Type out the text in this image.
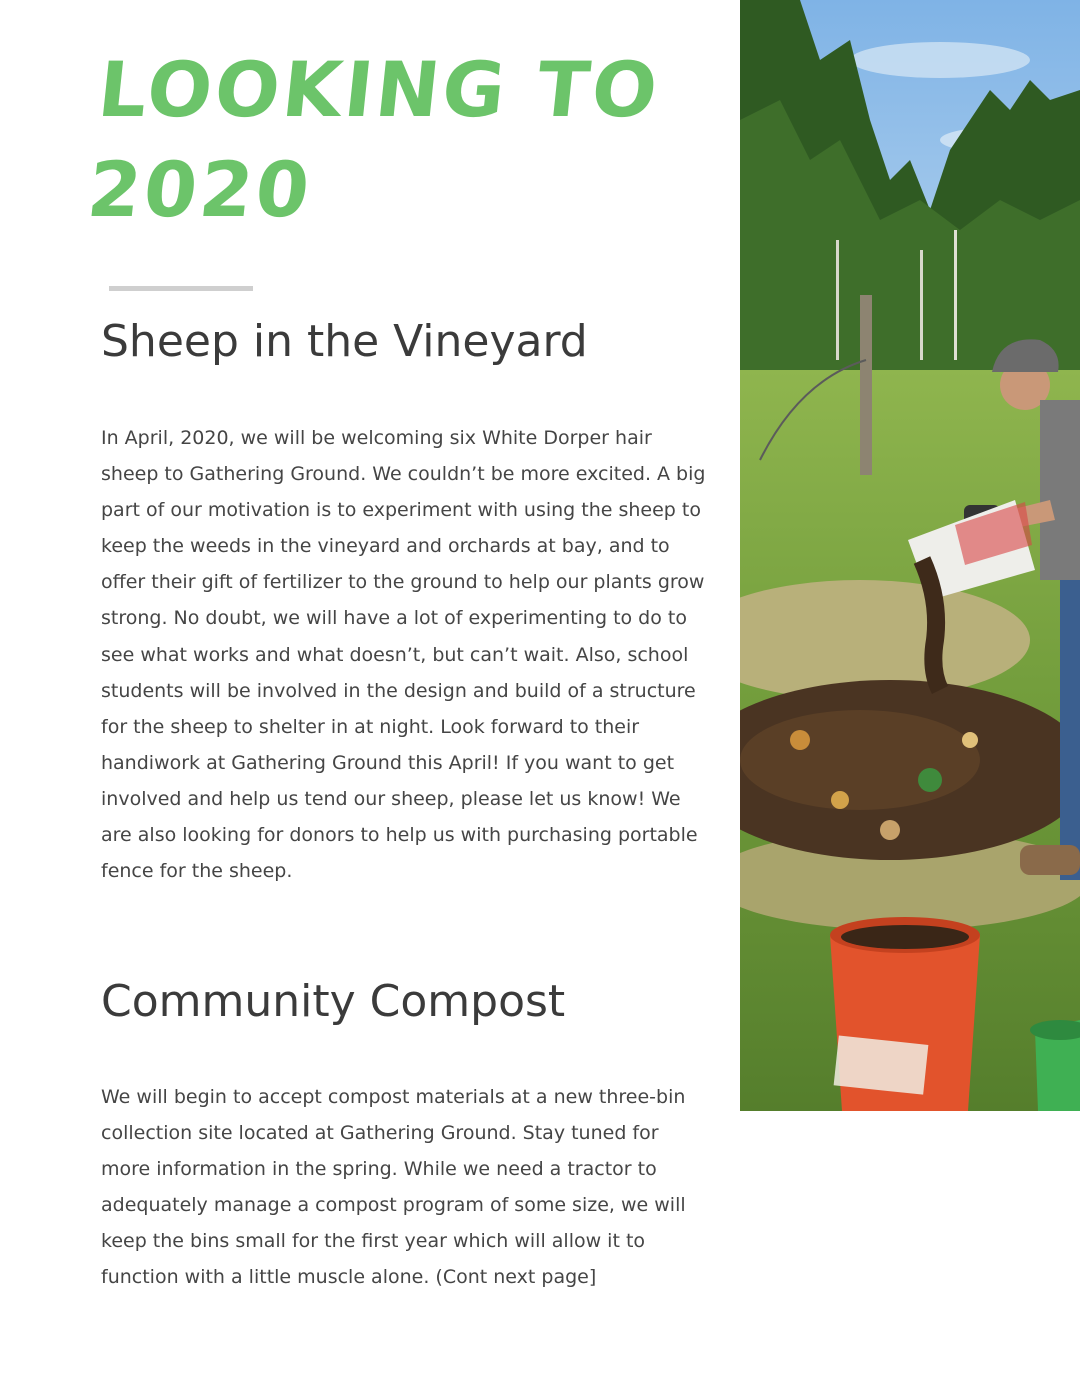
LOOKING TO 2020
Sheep in the Vineyard

In April, 2020, we will be welcoming six White Dorper hair sheep to Gathering Ground. We couldn’t be more excited. A big part of our motivation is to experiment with using the sheep to keep the weeds in the vineyard and orchards at bay, and to offer their gift of fertilizer to the ground to help our plants grow strong. No doubt, we will have a lot of experimenting to do to see what works and what doesn’t, but can’t wait. Also, school students will be involved in the design and build of a structure for the sheep to shelter in at night. Look forward to their handiwork at Gathering Ground this April! If you want to get involved and help us tend our sheep, please let us know! We are also looking for donors to help us with purchasing portable fence for the sheep.

Community Compost

We will begin to accept compost materials at a new three-bin collection site located at Gathering Ground. Stay tuned for more information in the spring. While we need a tractor to adequately manage a compost program of some size, we will keep the bins small for the first year which will allow it to function with a little muscle alone. (Cont next page]
